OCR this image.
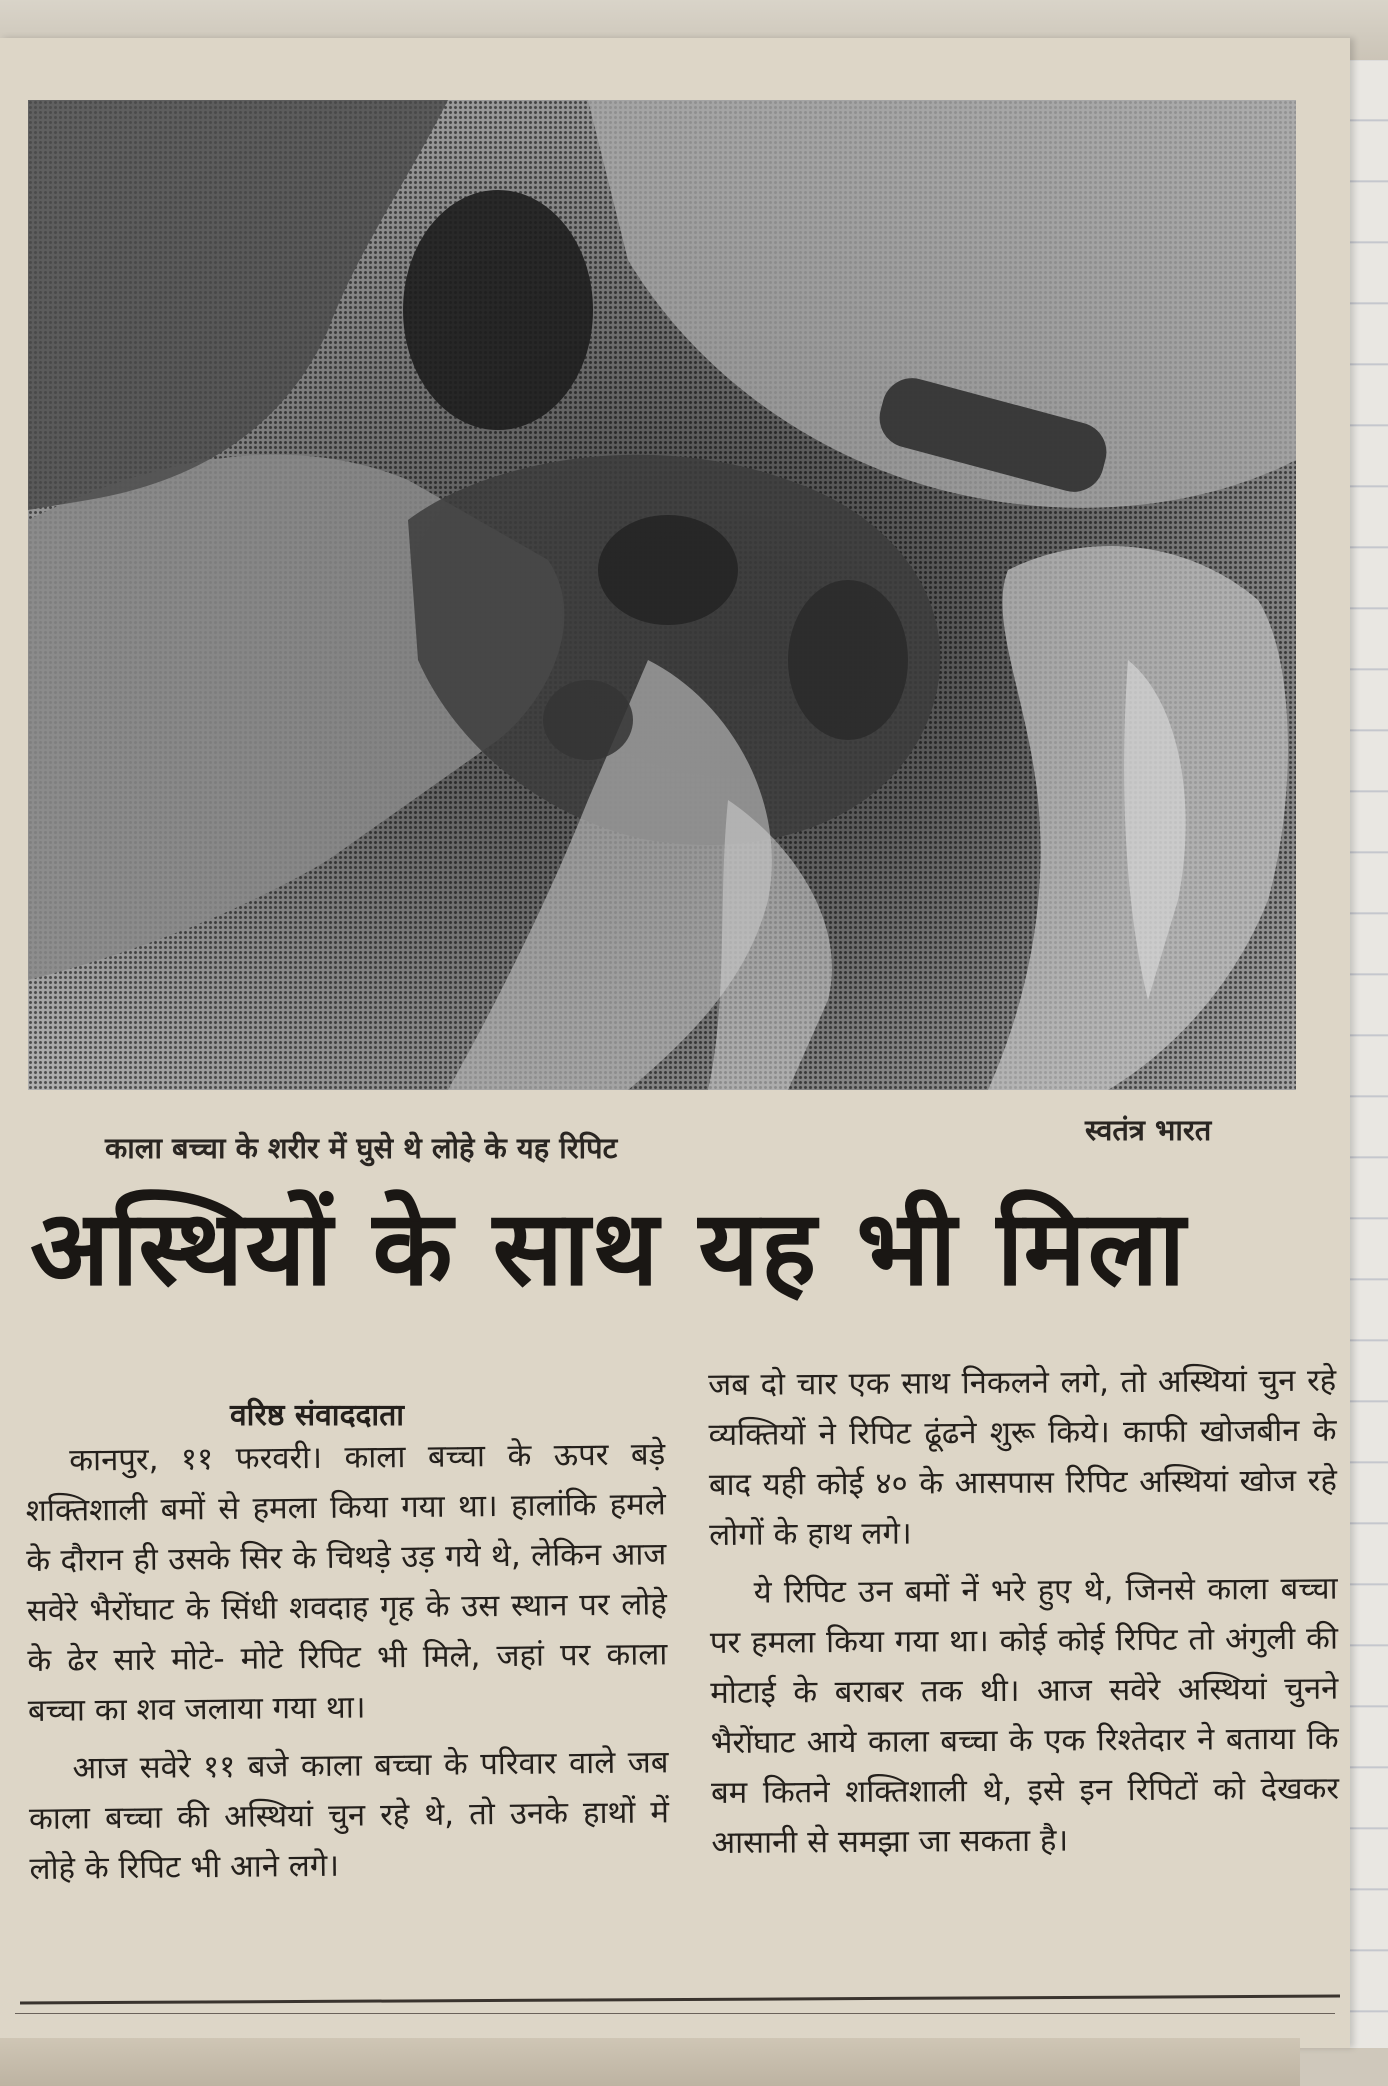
काला बच्चा के शरीर में घुसे थे लोहे के यह रिपिट
स्वतंत्र भारत
अस्थियों के साथ यह भी मिला
वरिष्ठ संवाददाता

कानपुर, ११ फरवरी। काला बच्चा के ऊपर बड़े शक्तिशाली बमों से हमला किया गया था। हालांकि हमले के दौरान ही उसके सिर के चिथड़े उड़ गये थे, लेकिन आज सवेरे भैरोंघाट के सिंधी शवदाह गृह के उस स्थान पर लोहे के ढेर सारे मोटे- मोटे रिपिट भी मिले, जहां पर काला बच्चा का शव जलाया गया था।

आज सवेरे ११ बजे काला बच्चा के परिवार वाले जब काला बच्चा की अस्थियां चुन रहे थे, तो उनके हाथों में लोहे के रिपिट भी आने लगे।

जब दो चार एक साथ निकलने लगे, तो अस्थियां चुन रहे व्यक्तियों ने रिपिट ढूंढने शुरू किये। काफी खोजबीन के बाद यही कोई ४० के आसपास रिपिट अस्थियां खोज रहे लोगों के हाथ लगे।

ये रिपिट उन बमों नें भरे हुए थे, जिनसे काला बच्चा पर हमला किया गया था। कोई कोई रिपिट तो अंगुली की मोटाई के बराबर तक थी। आज सवेरे अस्थियां चुनने भैरोंघाट आये काला बच्चा के एक रिश्तेदार ने बताया कि बम कितने शक्तिशाली थे, इसे इन रिपिटों को देखकर आसानी से समझा जा सकता है।
